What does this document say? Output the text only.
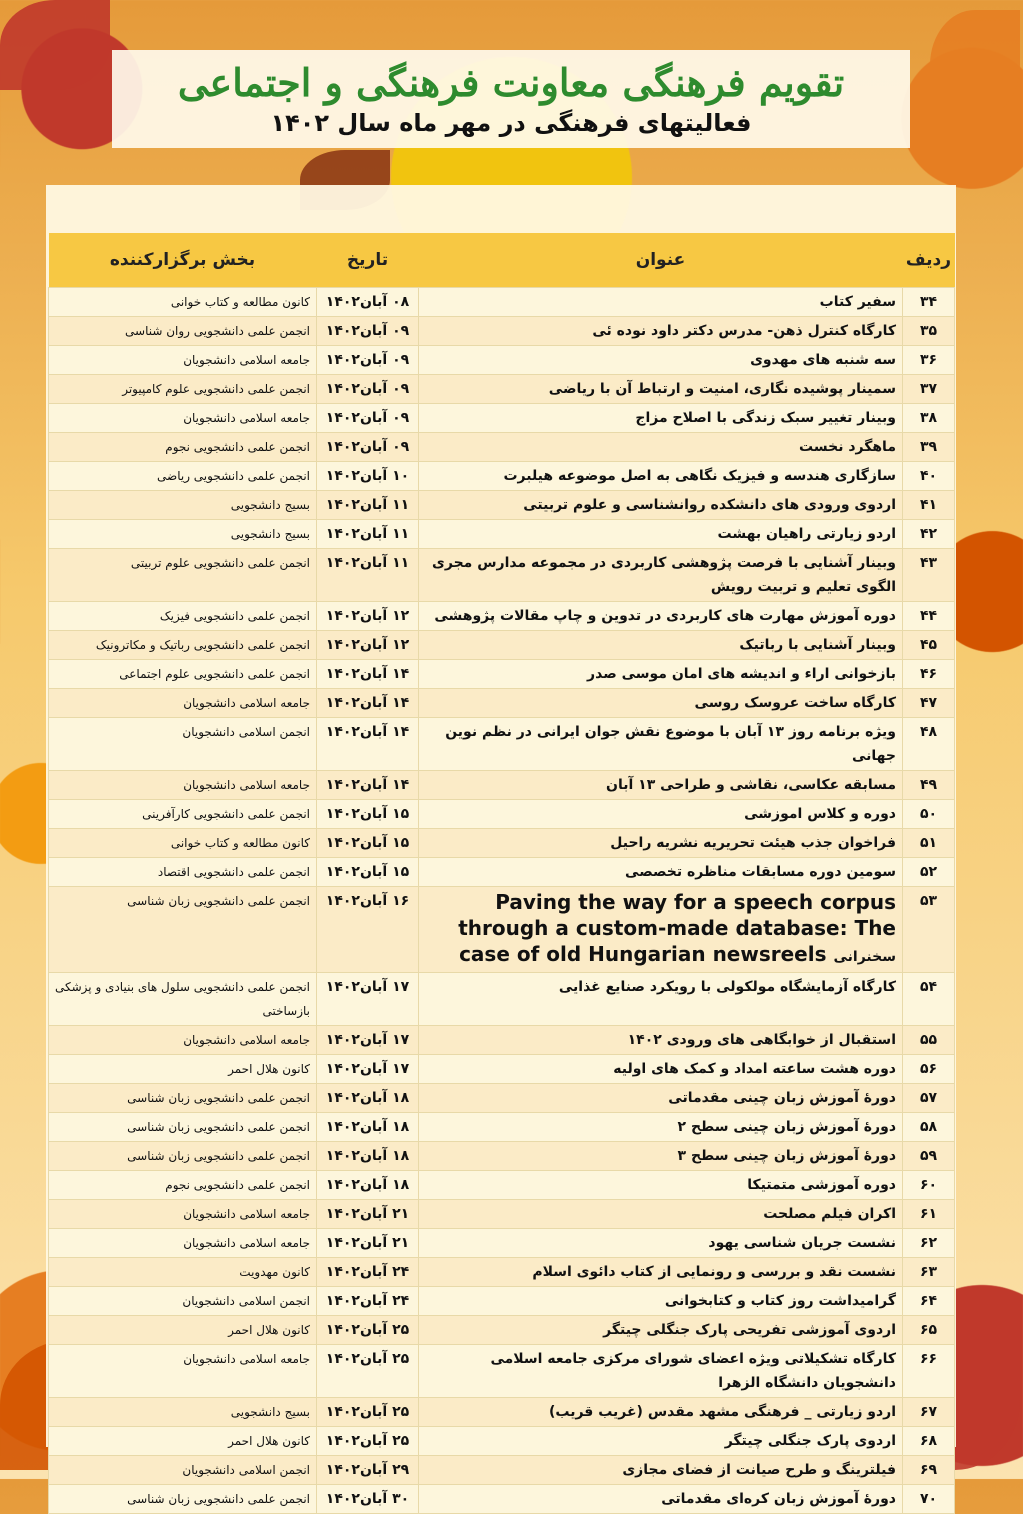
تقویم فرهنگی معاونت فرهنگی و اجتماعی
فعالیتهای فرهنگی در مهر ماه سال ۱۴۰۲
ردیف	عنوان	تاریخ	بخش برگزارکننده
۳۴	سفیر کتاب	۰۸ آبان۱۴۰۲	کانون مطالعه و کتاب خوانی
۳۵	کارگاه کنترل ذهن- مدرس دکتر داود نوده ئی	۰۹ آبان۱۴۰۲	انجمن علمی دانشجویی روان شناسی
۳۶	سه شنبه های مهدوی	۰۹ آبان۱۴۰۲	جامعه اسلامی دانشجویان
۳۷	سمینار پوشیده نگاری، امنیت و ارتباط آن با ریاضی	۰۹ آبان۱۴۰۲	انجمن علمی دانشجویی علوم کامپیوتر
۳۸	وبینار تغییر سبک زندگی با اصلاح مزاج	۰۹ آبان۱۴۰۲	جامعه اسلامی دانشجویان
۳۹	ماهگرد نخست	۰۹ آبان۱۴۰۲	انجمن علمی دانشجویی نجوم
۴۰	سازگاری هندسه و فیزیک نگاهی به اصل موضوعه هیلبرت	۱۰ آبان۱۴۰۲	انجمن علمی دانشجویی ریاضی
۴۱	اردوی ورودی های دانشکده روانشناسی و علوم تربیتی	۱۱ آبان۱۴۰۲	بسیج دانشجویی
۴۲	اردو زیارتی راهیان بهشت	۱۱ آبان۱۴۰۲	بسیج دانشجویی
۴۳	وبینار آشنایی با فرصت پژوهشی کاربردی در مجموعه مدارس مجری الگوی تعلیم و تربیت رویش	۱۱ آبان۱۴۰۲	انجمن علمی دانشجویی علوم تربیتی
۴۴	دوره آموزش مهارت های کاربردی در تدوین و چاپ مقالات پژوهشی	۱۲ آبان۱۴۰۲	انجمن علمی دانشجویی فیزیک
۴۵	وبینار آشنایی با رباتیک	۱۲ آبان۱۴۰۲	انجمن علمی دانشجویی رباتیک و مکاترونیک
۴۶	بازخوانی اراء و اندیشه های امان موسی صدر	۱۴ آبان۱۴۰۲	انجمن علمی دانشجویی علوم اجتماعی
۴۷	کارگاه ساخت عروسک روسی	۱۴ آبان۱۴۰۲	جامعه اسلامی دانشجویان
۴۸	ویژه برنامه روز ۱۳ آبان با موضوع نقش جوان ایرانی در نظم نوین جهانی	۱۴ آبان۱۴۰۲	انجمن اسلامی دانشجویان
۴۹	مسابقه عکاسی، نقاشی و طراحی ۱۳ آبان	۱۴ آبان۱۴۰۲	جامعه اسلامی دانشجویان
۵۰	دوره و کلاس اموزشی	۱۵ آبان۱۴۰۲	انجمن علمی دانشجویی کارآفرینی
۵۱	فراخوان جذب هیئت تحریریه نشریه راحیل	۱۵ آبان۱۴۰۲	کانون مطالعه و کتاب خوانی
۵۲	سومین دوره مسابقات مناظره تخصصی	۱۵ آبان۱۴۰۲	انجمن علمی دانشجویی اقتصاد
۵۳	Paving the way for a speech corpus through a custom-made database: The case of old Hungarian newsreels سخنرانی	۱۶ آبان۱۴۰۲	انجمن علمی دانشجویی زبان شناسی
۵۴	کارگاه آزمایشگاه مولکولی با رویکرد صنایع غذایی	۱۷ آبان۱۴۰۲	انجمن علمی دانشجویی سلول های بنیادی و پزشکی بازساختی
۵۵	استقبال از خوابگاهی های ورودی ۱۴۰۲	۱۷ آبان۱۴۰۲	جامعه اسلامی دانشجویان
۵۶	دوره هشت ساعته امداد و کمک های اولیه	۱۷ آبان۱۴۰۲	کانون هلال احمر
۵۷	دورهٔ آموزش زبان چینی مقدماتی	۱۸ آبان۱۴۰۲	انجمن علمی دانشجویی زبان شناسی
۵۸	دورهٔ آموزش زبان چینی سطح ۲	۱۸ آبان۱۴۰۲	انجمن علمی دانشجویی زبان شناسی
۵۹	دورهٔ آموزش زبان چینی سطح ۳	۱۸ آبان۱۴۰۲	انجمن علمی دانشجویی زبان شناسی
۶۰	دوره آموزشی متمتیکا	۱۸ آبان۱۴۰۲	انجمن علمی دانشجویی نجوم
۶۱	اکران فیلم مصلحت	۲۱ آبان۱۴۰۲	جامعه اسلامی دانشجویان
۶۲	نشست جریان شناسی یهود	۲۱ آبان۱۴۰۲	جامعه اسلامی دانشجویان
۶۳	نشست نقد و بررسی و رونمایی از کتاب دائوی اسلام	۲۴ آبان۱۴۰۲	کانون مهدویت
۶۴	گرامیداشت روز کتاب و کتابخوانی	۲۴ آبان۱۴۰۲	انجمن اسلامی دانشجویان
۶۵	اردوی آموزشی تفریحی پارک جنگلی چیتگر	۲۵ آبان۱۴۰۲	کانون هلال احمر
۶۶	کارگاه تشکیلاتی ویژه اعضای شورای مرکزی جامعه اسلامی دانشجویان دانشگاه الزهرا	۲۵ آبان۱۴۰۲	جامعه اسلامی دانشجویان
۶۷	اردو زیارتی _ فرهنگی مشهد مقدس (غریب قریب)	۲۵ آبان۱۴۰۲	بسیج دانشجویی
۶۸	اردوی پارک جنگلی چیتگر	۲۵ آبان۱۴۰۲	کانون هلال احمر
۶۹	فیلترینگ و طرح صیانت از فضای مجازی	۲۹ آبان۱۴۰۲	انجمن اسلامی دانشجویان
۷۰	دورهٔ آموزش زبان کره‌ای مقدماتی	۳۰ آبان۱۴۰۲	انجمن علمی دانشجویی زبان شناسی
